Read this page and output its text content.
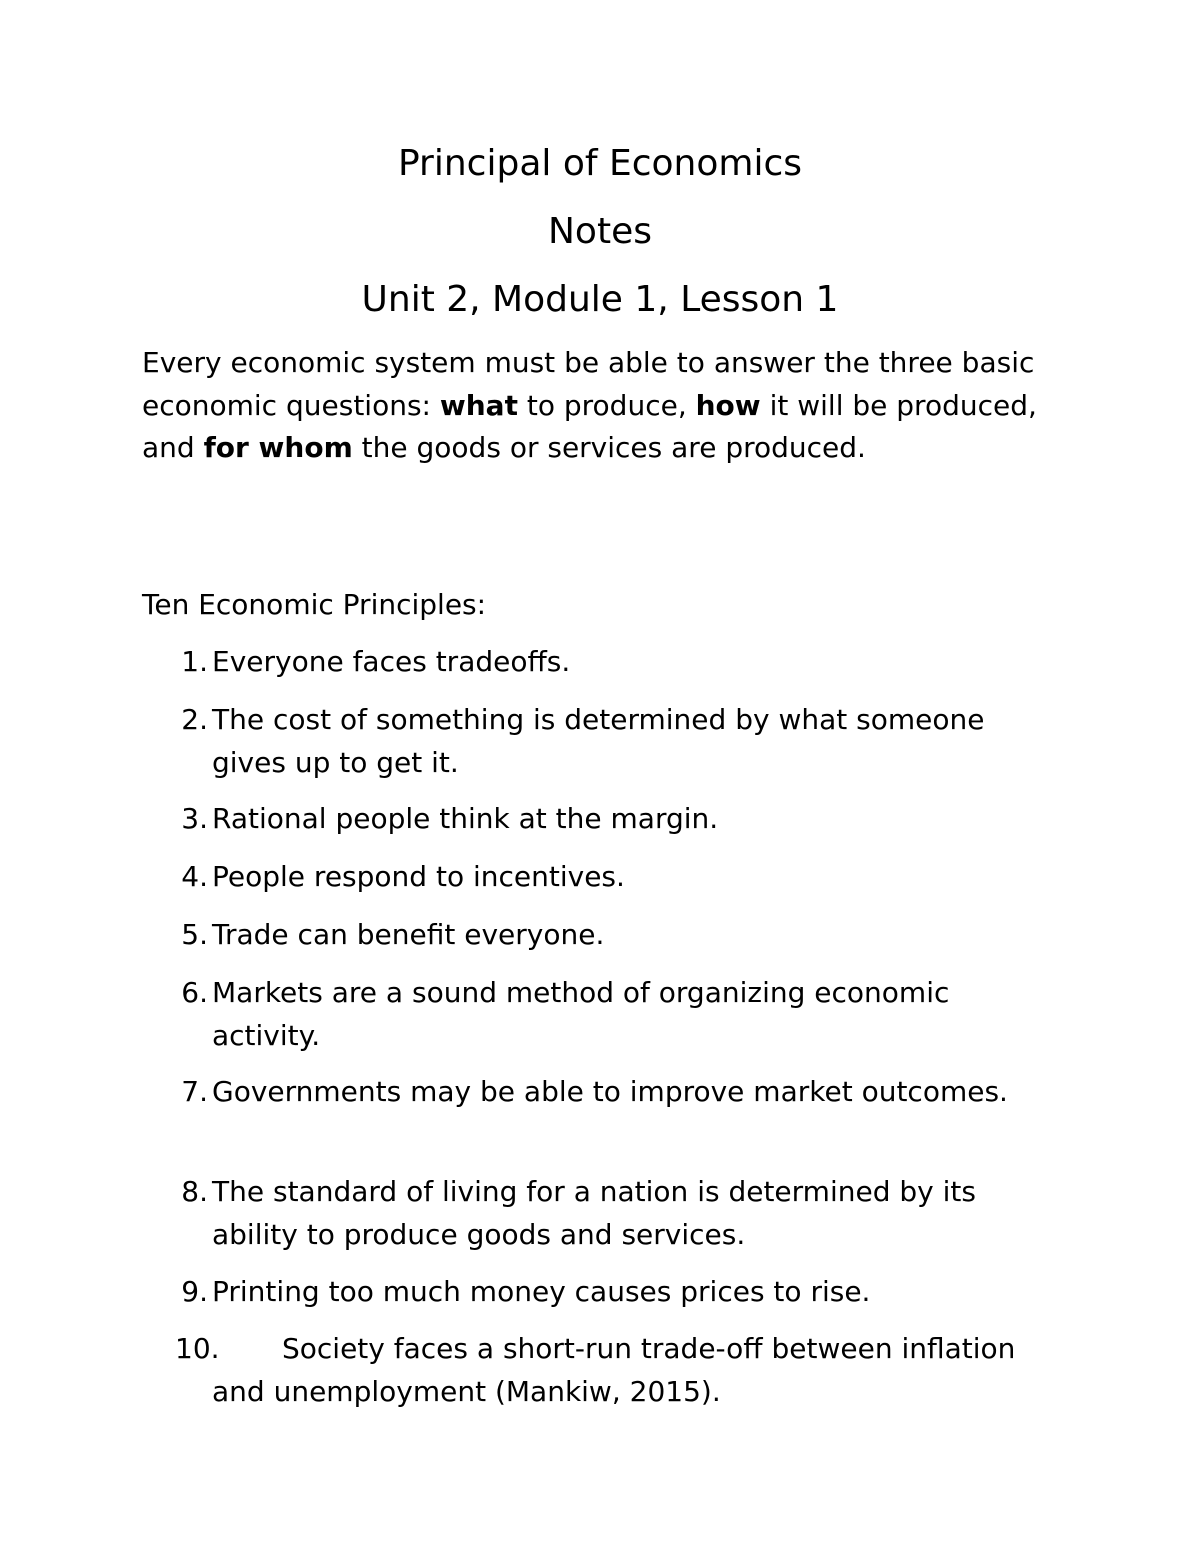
Principal of Economics
Notes
Unit 2, Module 1, Lesson 1

Every economic system must be able to answer the three basic economic questions: what to produce, how it will be produced, and for whom the goods or services are produced.

Ten Economic Principles:

1. Everyone faces tradeoffs.
2. The cost of something is determined by what someone gives up to get it.
3. Rational people think at the margin.
4. People respond to incentives.
5. Trade can benefit everyone.
6. Markets are a sound method of organizing economic activity.
7. Governments may be able to improve market outcomes.
8. The standard of living for a nation is determined by its ability to produce goods and services.
9. Printing too much money causes prices to rise.
10.	Society faces a short-run trade-off between inflation and unemployment (Mankiw, 2015).
